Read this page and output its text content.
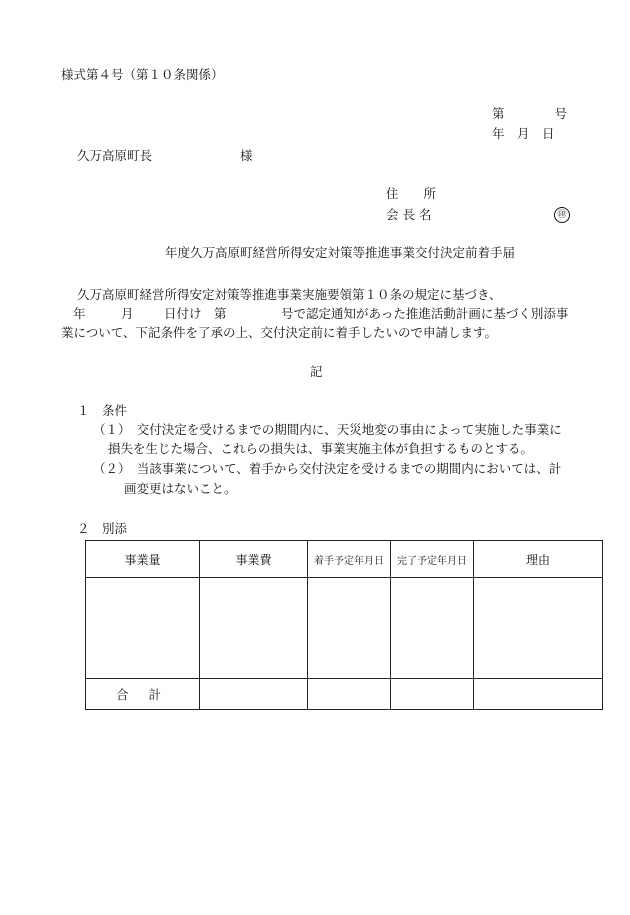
様式第４号（第１０条関係）
第　　　　号
年　月　日
久万高原町長	様
住　　所
会 長 名	㊞
年度久万高原町経営所得安定対策等推進事業交付決定前着手届
久万高原町経営所得安定対策等推進事業実施要領第１０条の規定に基づき、
年	月 日付け 第	号で認定通知があった推進活動計画に基づく別添事
業について、下記条件を了承の上、交付決定前に着手したいので申請します。
記
１　条件
（１）　交付決定を受けるまでの期間内に、天災地変の事由によって実施した事業に
損失を生じた場合、これらの損失は、事業実施主体が負担するものとする。
（２）　当該事業について、着手から交付決定を受けるまでの期間内においては、計
画変更はないこと。
２　別添
事業量	事業費	着手予定年月日	完了予定年月日	理由

合 計				
